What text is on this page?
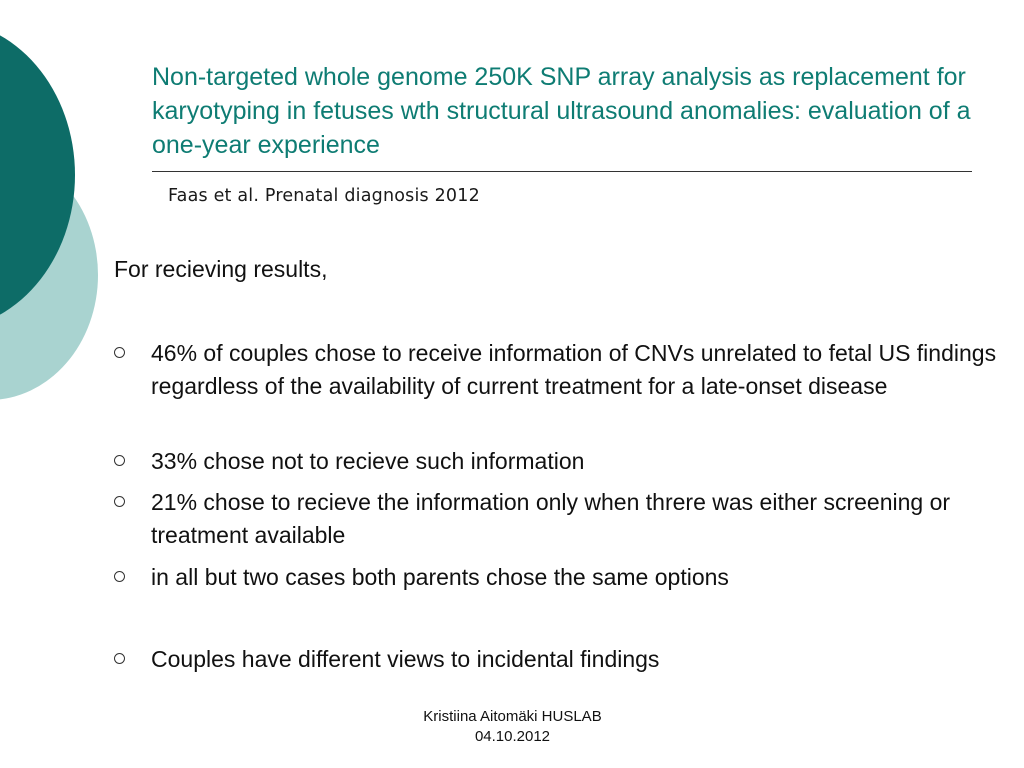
Non-targeted whole genome 250K SNP array analysis as replacement for karyotyping in fetuses wth structural ultrasound anomalies: evaluation of a one-year experience
Faas et al. Prenatal diagnosis 2012
For recieving results,
46% of couples chose to receive information of CNVs unrelated to fetal US findings regardless of the availability of current treatment for a late-onset disease
33% chose not to recieve such information
21% chose to recieve the information only when threre was either screening or treatment available
in all but two cases both parents chose the same options
Couples have different views to incidental findings
Kristiina Aitomäki HUSLAB
04.10.2012
